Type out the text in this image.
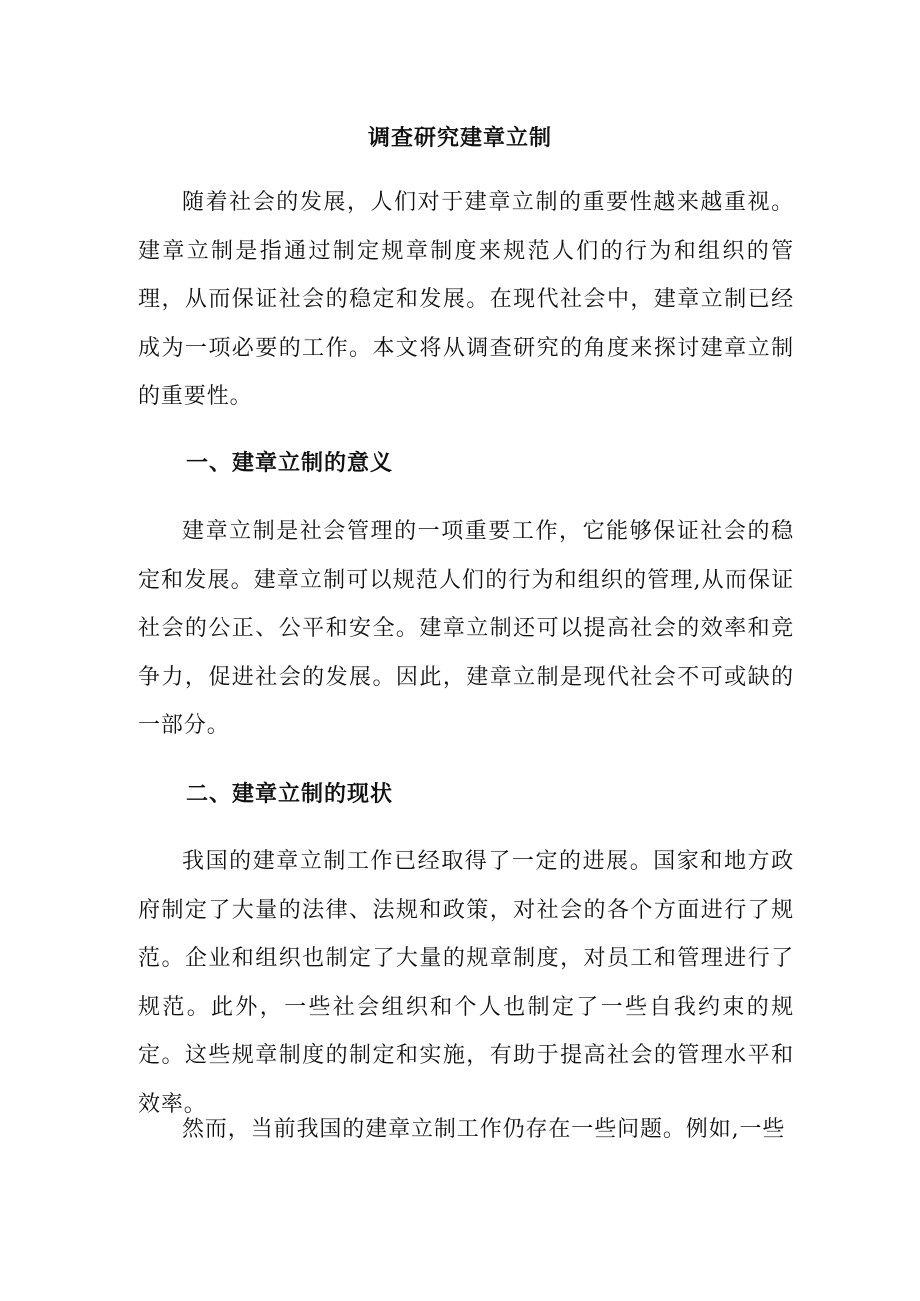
调查研究建章立制

随着社会的发展，人们对于建章立制的重要性越来越重视。建章立制是指通过制定规章制度来规范人们的行为和组织的管理，从而保证社会的稳定和发展。在现代社会中，建章立制已经成为一项必要的工作。本文将从调查研究的角度来探讨建章立制的重要性。

一、建章立制的意义

建章立制是社会管理的一项重要工作，它能够保证社会的稳定和发展。建章立制可以规范人们的行为和组织的管理,从而保证社会的公正、公平和安全。建章立制还可以提高社会的效率和竞争力，促进社会的发展。因此，建章立制是现代社会不可或缺的一部分。

二、建章立制的现状

我国的建章立制工作已经取得了一定的进展。国家和地方政府制定了大量的法律、法规和政策，对社会的各个方面进行了规范。企业和组织也制定了大量的规章制度，对员工和管理进行了规范。此外，一些社会组织和个人也制定了一些自我约束的规定。这些规章制度的制定和实施，有助于提高社会的管理水平和效率。

然而，当前我国的建章立制工作仍存在一些问题。例如,一些
